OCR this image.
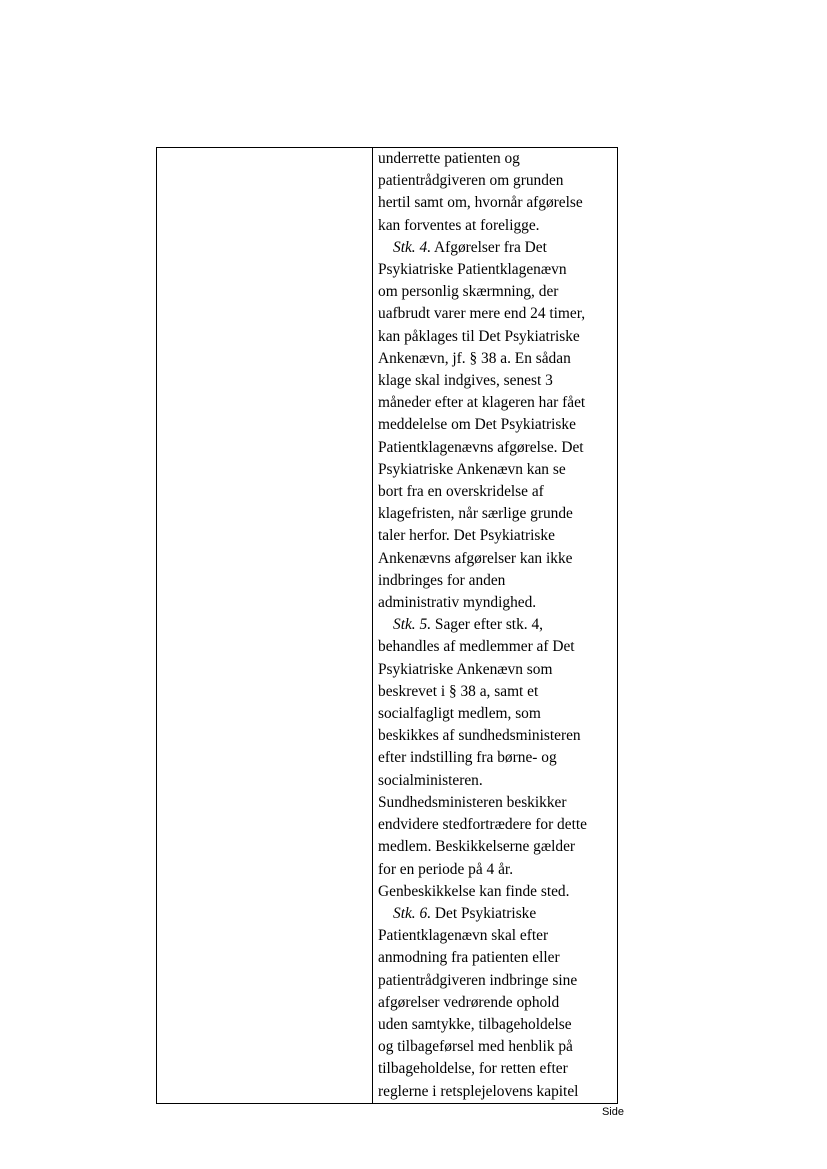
underrette patienten og
patientrådgiveren om grunden
hertil samt om, hvornår afgørelse
kan forventes at foreligge.
Stk. 4. Afgørelser fra Det
Psykiatriske Patientklagenævn
om personlig skærmning, der
uafbrudt varer mere end 24 timer,
kan påklages til Det Psykiatriske
Ankenævn, jf. § 38 a. En sådan
klage skal indgives, senest 3
måneder efter at klageren har fået
meddelelse om Det Psykiatriske
Patientklagenævns afgørelse. Det
Psykiatriske Ankenævn kan se
bort fra en overskridelse af
klagefristen, når særlige grunde
taler herfor. Det Psykiatriske
Ankenævns afgørelser kan ikke
indbringes for anden
administrativ myndighed.
Stk. 5. Sager efter stk. 4,
behandles af medlemmer af Det
Psykiatriske Ankenævn som
beskrevet i § 38 a, samt et
socialfagligt medlem, som
beskikkes af sundhedsministeren
efter indstilling fra børne- og
socialministeren.
Sundhedsministeren beskikker
endvidere stedfortrædere for dette
medlem. Beskikkelserne gælder
for en periode på 4 år.
Genbeskikkelse kan finde sted.
Stk. 6. Det Psykiatriske
Patientklagenævn skal efter
anmodning fra patienten eller
patientrådgiveren indbringe sine
afgørelser vedrørende ophold
uden samtykke, tilbageholdelse
og tilbageførsel med henblik på
tilbageholdelse, for retten efter
reglerne i retsplejelovens kapitel
Side
